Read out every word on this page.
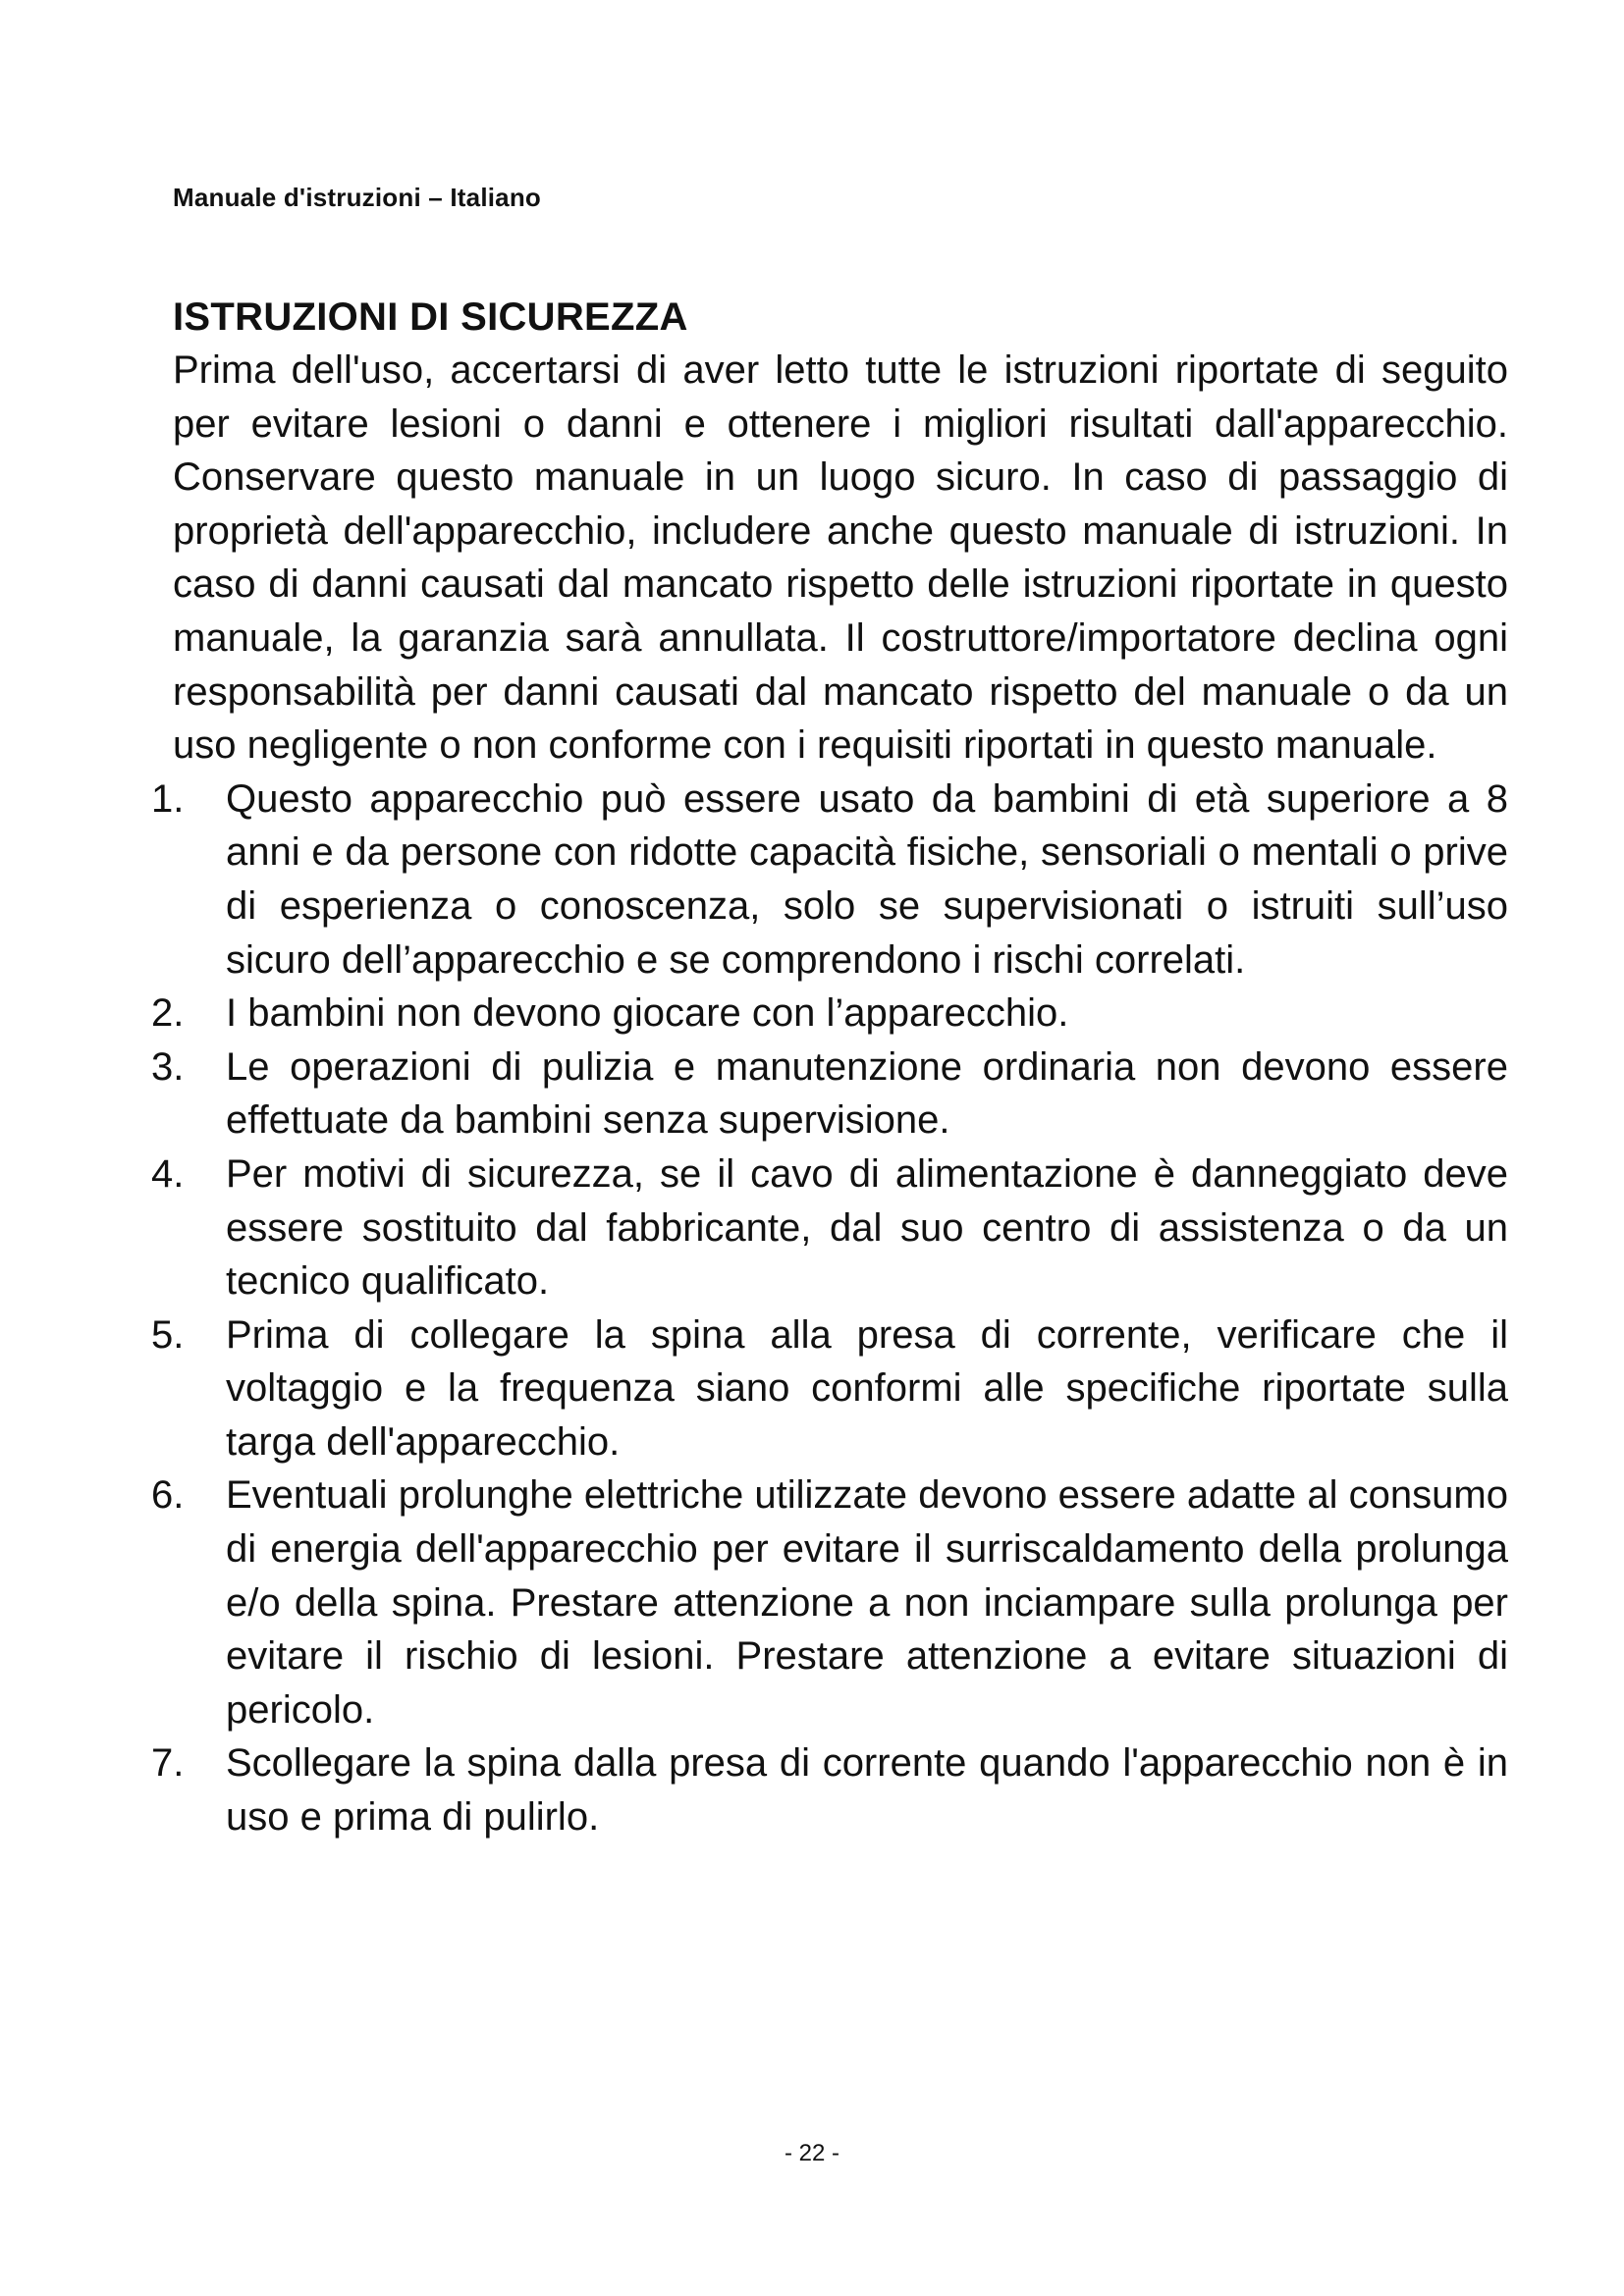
Manuale d'istruzioni – Italiano
ISTRUZIONI DI SICUREZZA

Prima dell'uso, accertarsi di aver letto tutte le istruzioni riportate di seguito per evitare lesioni o danni e ottenere i migliori risultati dall'apparecchio. Conservare questo manuale in un luogo sicuro. In caso di passaggio di proprietà dell'apparecchio, includere anche questo manuale di istruzioni. In caso di danni causati dal mancato rispetto delle istruzioni riportate in questo manuale, la garanzia sarà annullata. Il costruttore/importatore declina ogni responsabilità per danni causati dal mancato rispetto del manuale o da un uso negligente o non conforme con i requisiti riportati in questo manuale.

1.	Questo apparecchio può essere usato da bambini di età superiore a 8 anni e da persone con ridotte capacità fisiche, sensoriali o mentali o prive di esperienza o conoscenza, solo se supervisionati o istruiti sull’uso sicuro dell’apparecchio e se comprendono i rischi correlati.
2.	I bambini non devono giocare con l’apparecchio.
3.	Le operazioni di pulizia e manutenzione ordinaria non devono essere effettuate da bambini senza supervisione.
4.	Per motivi di sicurezza, se il cavo di alimentazione è danneggiato deve essere sostituito dal fabbricante, dal suo centro di assistenza o da un tecnico qualificato.
5.	Prima di collegare la spina alla presa di corrente, verificare che il voltaggio e la frequenza siano conformi alle specifiche riportate sulla targa dell'apparecchio.
6.	Eventuali prolunghe elettriche utilizzate devono essere adatte al consumo di energia dell'apparecchio per evitare il surriscaldamento della prolunga e/o della spina. Prestare attenzione a non inciampare sulla prolunga per evitare il rischio di lesioni. Prestare attenzione a evitare situazioni di pericolo.
7.	Scollegare la spina dalla presa di corrente quando l'apparecchio non è in uso e prima di pulirlo.
- 22 -
